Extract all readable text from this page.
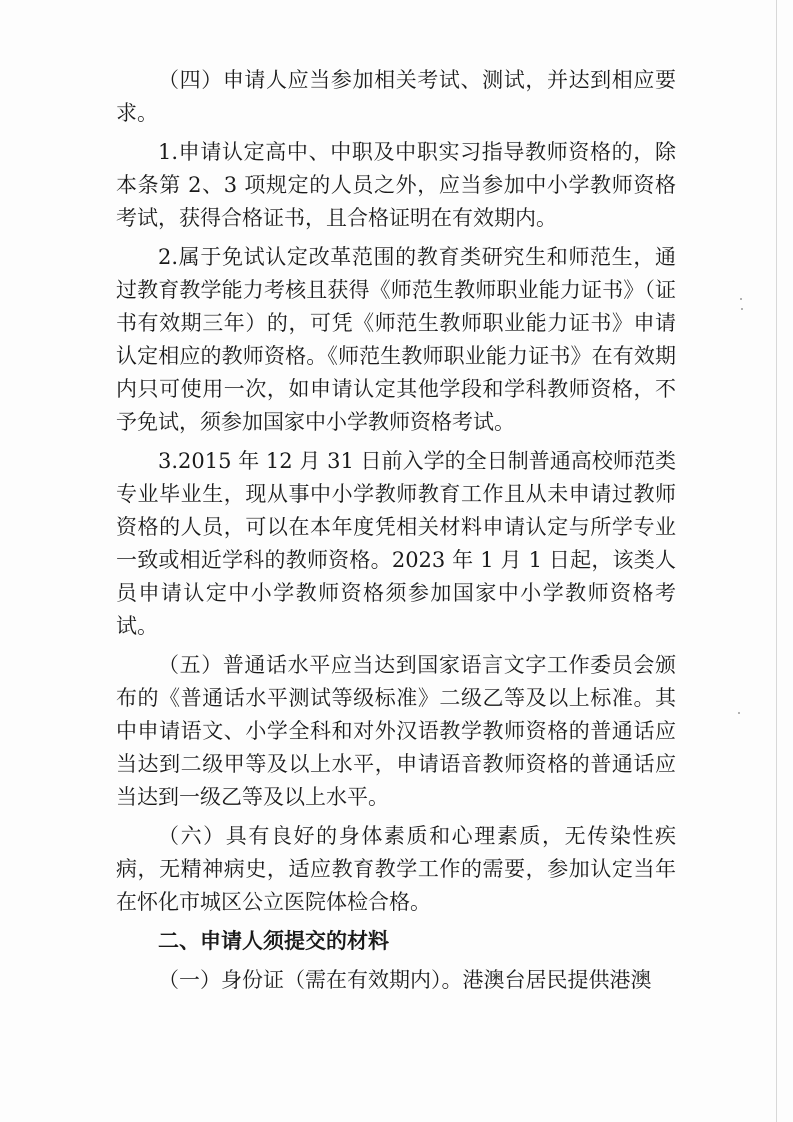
（四）申请人应当参加相关考试、测试，并达到相应要求。

1.申请认定高中、中职及中职实习指导教师资格的，除本条第 2、3 项规定的人员之外，应当参加中小学教师资格考试，获得合格证书，且合格证明在有效期内。

2.属于免试认定改革范围的教育类研究生和师范生，通过教育教学能力考核且获得《师范生教师职业能力证书》（证书有效期三年）的，可凭《师范生教师职业能力证书》申请认定相应的教师资格。《师范生教师职业能力证书》在有效期内只可使用一次，如申请认定其他学段和学科教师资格，不予免试，须参加国家中小学教师资格考试。

3.2015 年 12 月 31 日前入学的全日制普通高校师范类专业毕业生，现从事中小学教师教育工作且从未申请过教师资格的人员，可以在本年度凭相关材料申请认定与所学专业一致或相近学科的教师资格。2023 年 1 月 1 日起，该类人员申请认定中小学教师资格须参加国家中小学教师资格考试。

（五）普通话水平应当达到国家语言文字工作委员会颁布的《普通话水平测试等级标准》二级乙等及以上标准。其中申请语文、小学全科和对外汉语教学教师资格的普通话应当达到二级甲等及以上水平，申请语音教师资格的普通话应当达到一级乙等及以上水平。

（六）具有良好的身体素质和心理素质，无传染性疾病，无精神病史，适应教育教学工作的需要，参加认定当年在怀化市城区公立医院体检合格。

二、申请人须提交的材料

（一）身份证（需在有效期内）。港澳台居民提供港澳
